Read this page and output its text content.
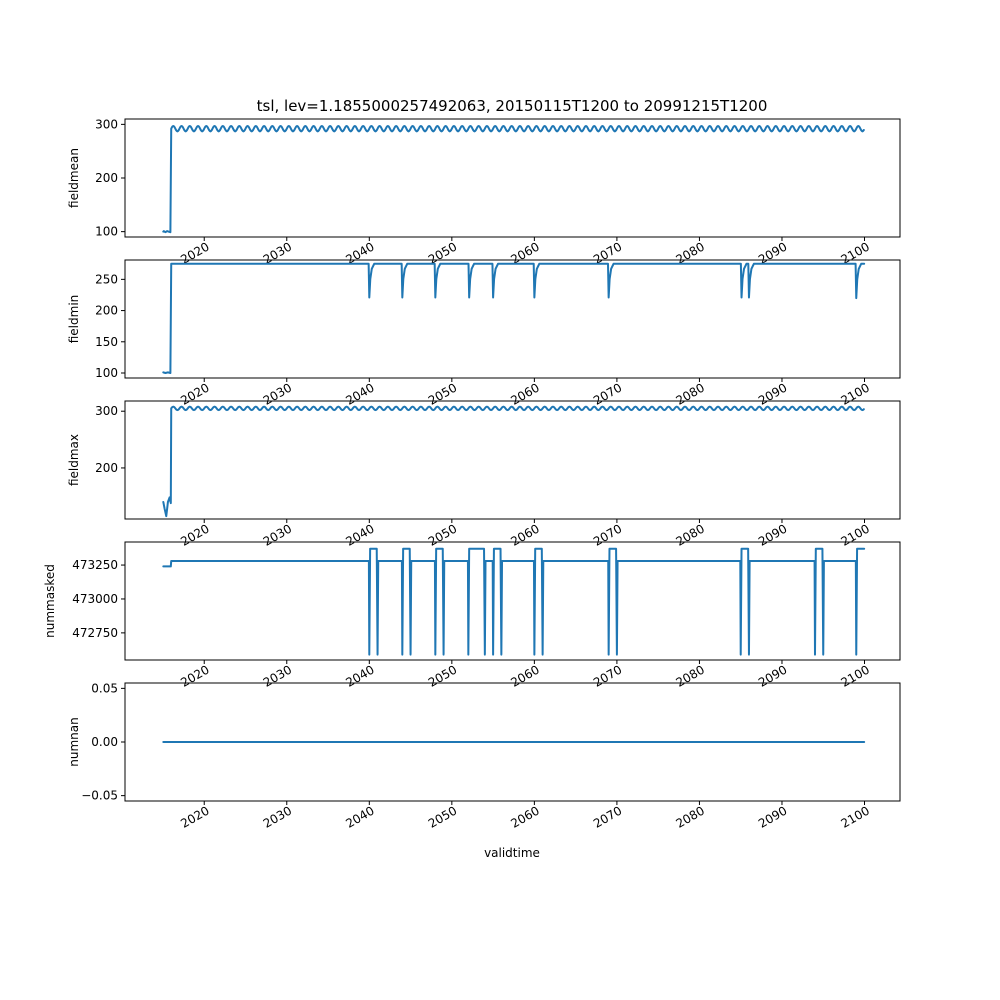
tsl, lev=1.1855000257492063, 20150115T1200 to 20991215T1200
100
200
300
2020	2030	2040	2050	2060	2070	2080	2090	2100
fieldmean
100
150
200
250
2020	2030	2040	2050	2060	2070	2080	2090	2100
fieldmin
200
300
2020	2030	2040	2050	2060	2070	2080	2090	2100
fieldmax
472750
473000
473250
2020	2030	2040	2050	2060	2070	2080	2090	2100
nummasked
−0.05
0.00
0.05
2020	2030	2040	2050	2060	2070	2080	2090	2100
numnan
validtime
